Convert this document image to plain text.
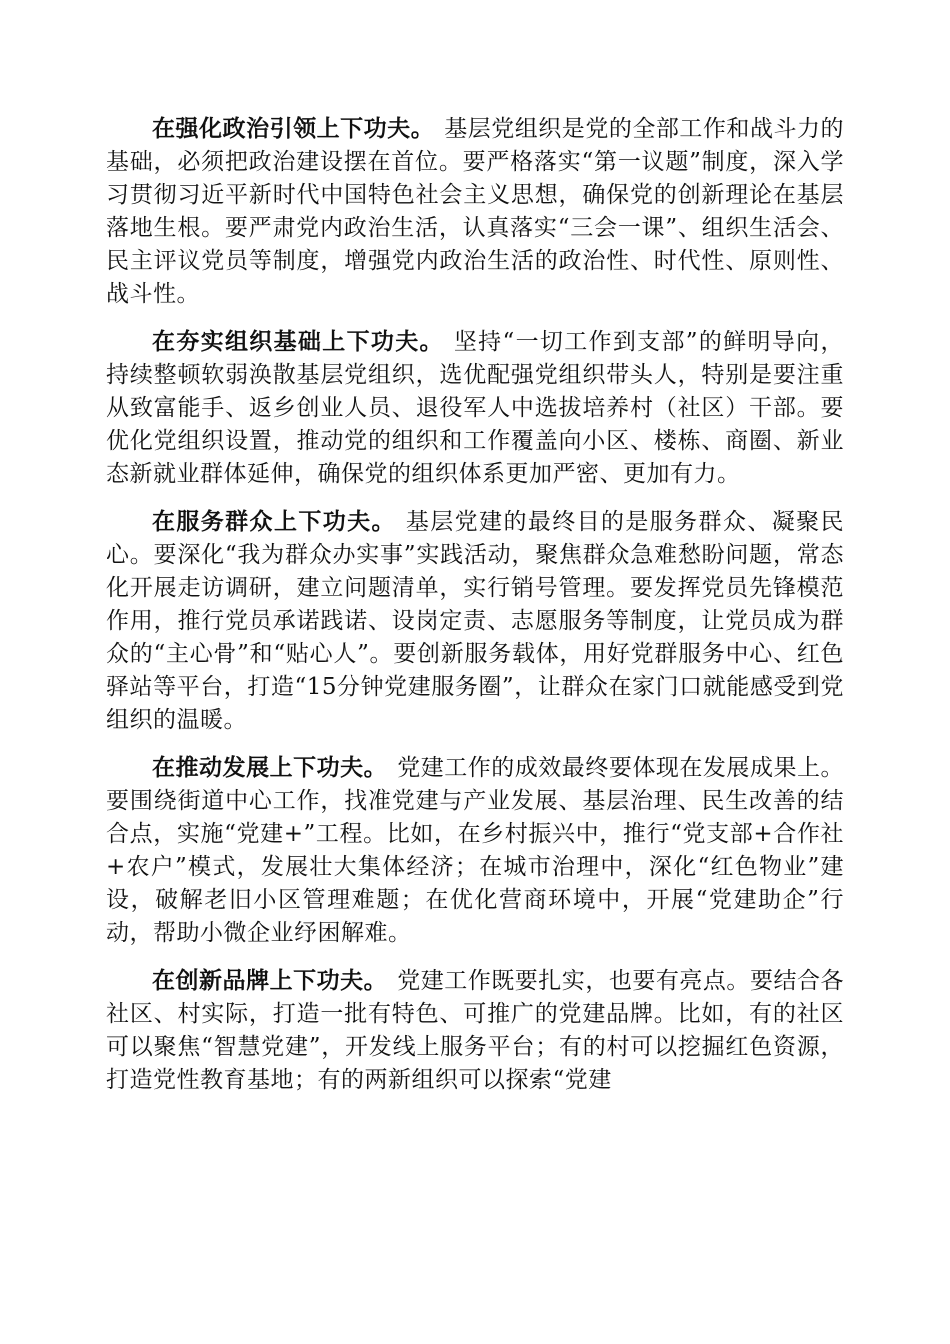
在强化政治引领上下功夫。 基层党组织是党的全部工作和战斗力的基础，必须把政治建设摆在首位。要严格落实“第一议题”制度，深入学习贯彻习近平新时代中国特色社会主义思想，确保党的创新理论在基层落地生根。要严肃党内政治生活，认真落实“三会一课”、组织生活会、民主评议党员等制度，增强党内政治生活的政治性、时代性、原则性、战斗性。

在夯实组织基础上下功夫。 坚持“一切工作到支部”的鲜明导向，持续整顿软弱涣散基层党组织，选优配强党组织带头人，特别是要注重从致富能手、返乡创业人员、退役军人中选拔培养村（社区）干部。要优化党组织设置，推动党的组织和工作覆盖向小区、楼栋、商圈、新业态新就业群体延伸，确保党的组织体系更加严密、更加有力。

在服务群众上下功夫。 基层党建的最终目的是服务群众、凝聚民心。要深化“我为群众办实事”实践活动，聚焦群众急难愁盼问题，常态化开展走访调研，建立问题清单，实行销号管理。要发挥党员先锋模范作用，推行党员承诺践诺、设岗定责、志愿服务等制度，让党员成为群众的“主心骨”和“贴心人”。要创新服务载体，用好党群服务中心、红色驿站等平台，打造“15分钟党建服务圈”，让群众在家门口就能感受到党组织的温暖。

在推动发展上下功夫。 党建工作的成效最终要体现在发展成果上。要围绕街道中心工作，找准党建与产业发展、基层治理、民生改善的结合点，实施“党建+”工程。比如，在乡村振兴中，推行“党支部+合作社+农户”模式，发展壮大集体经济；在城市治理中，深化“红色物业”建设，破解老旧小区管理难题；在优化营商环境中，开展“党建助企”行动，帮助小微企业纾困解难。

在创新品牌上下功夫。 党建工作既要扎实，也要有亮点。要结合各社区、村实际，打造一批有特色、可推广的党建品牌。比如，有的社区可以聚焦“智慧党建”，开发线上服务平台；有的村可以挖掘红色资源，打造党性教育基地；有的两新组织可以探索“党建
